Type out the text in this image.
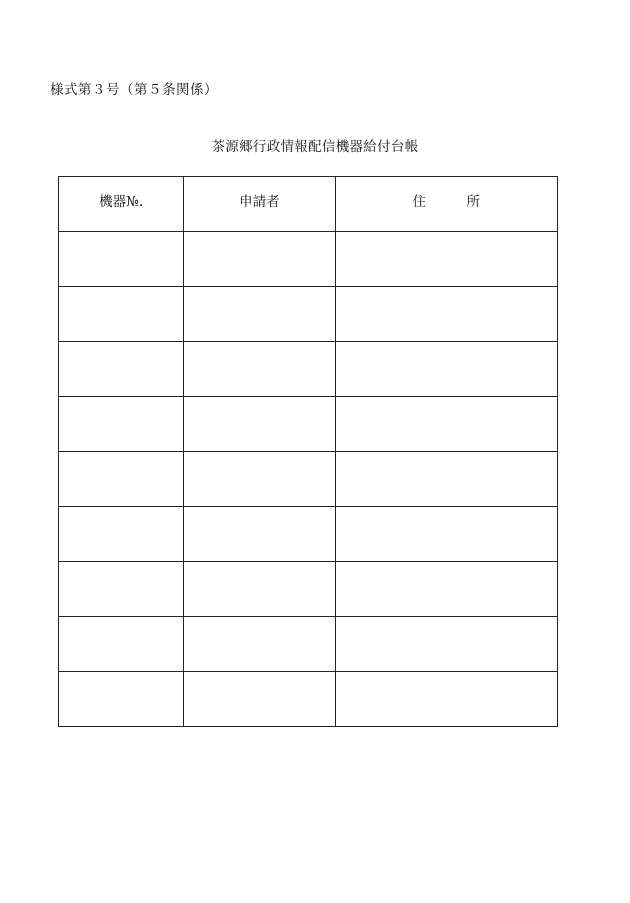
様式第３号（第５条関係）
茶源郷行政情報配信機器給付台帳
機器№.	申請者	住　　　所
